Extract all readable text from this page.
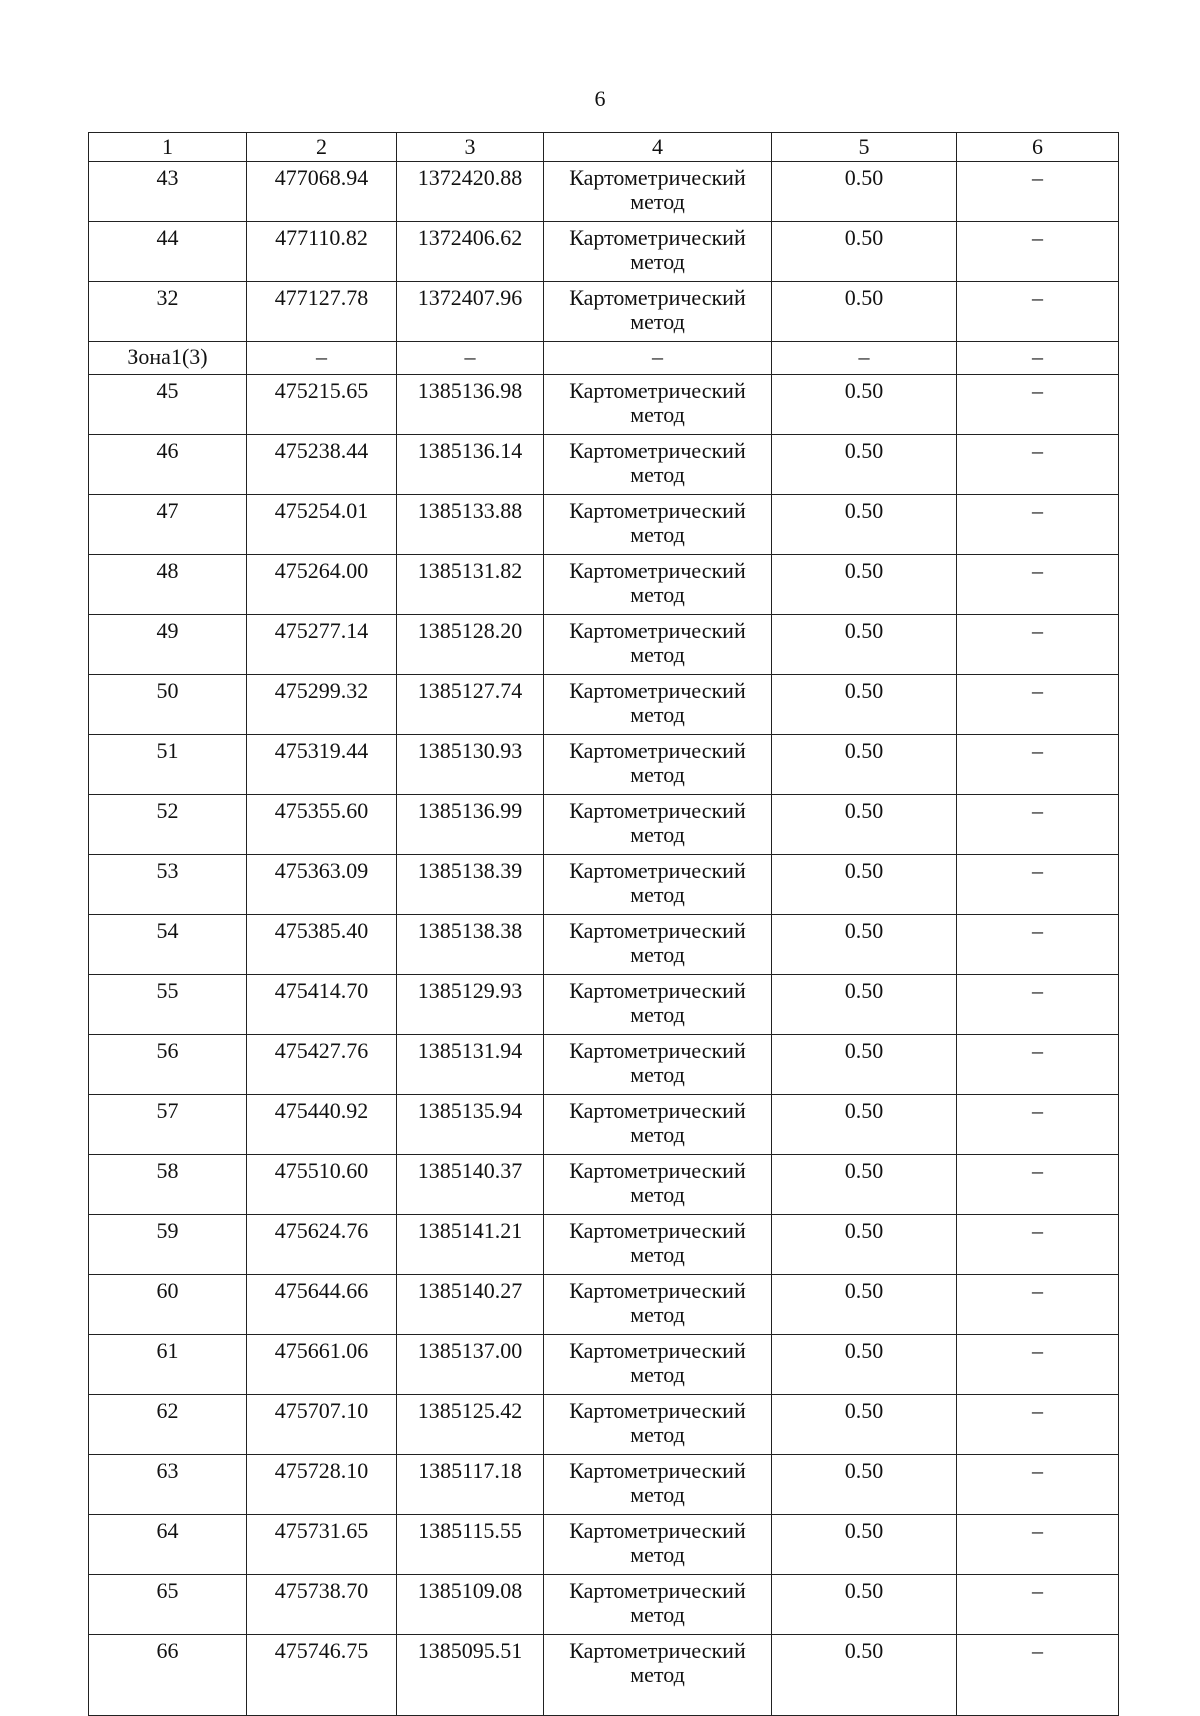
6
1	2	3	4	5	6
43	477068.94	1372420.88	Картометрический метод	0.50	–
44	477110.82	1372406.62	Картометрический метод	0.50	–
32	477127.78	1372407.96	Картометрический метод	0.50	–
Зона1(3)	–	–	–	–	–
45	475215.65	1385136.98	Картометрический метод	0.50	–
46	475238.44	1385136.14	Картометрический метод	0.50	–
47	475254.01	1385133.88	Картометрический метод	0.50	–
48	475264.00	1385131.82	Картометрический метод	0.50	–
49	475277.14	1385128.20	Картометрический метод	0.50	–
50	475299.32	1385127.74	Картометрический метод	0.50	–
51	475319.44	1385130.93	Картометрический метод	0.50	–
52	475355.60	1385136.99	Картометрический метод	0.50	–
53	475363.09	1385138.39	Картометрический метод	0.50	–
54	475385.40	1385138.38	Картометрический метод	0.50	–
55	475414.70	1385129.93	Картометрический метод	0.50	–
56	475427.76	1385131.94	Картометрический метод	0.50	–
57	475440.92	1385135.94	Картометрический метод	0.50	–
58	475510.60	1385140.37	Картометрический метод	0.50	–
59	475624.76	1385141.21	Картометрический метод	0.50	–
60	475644.66	1385140.27	Картометрический метод	0.50	–
61	475661.06	1385137.00	Картометрический метод	0.50	–
62	475707.10	1385125.42	Картометрический метод	0.50	–
63	475728.10	1385117.18	Картометрический метод	0.50	–
64	475731.65	1385115.55	Картометрический метод	0.50	–
65	475738.70	1385109.08	Картометрический метод	0.50	–
66	475746.75	1385095.51	Картометрический метод	0.50	–
